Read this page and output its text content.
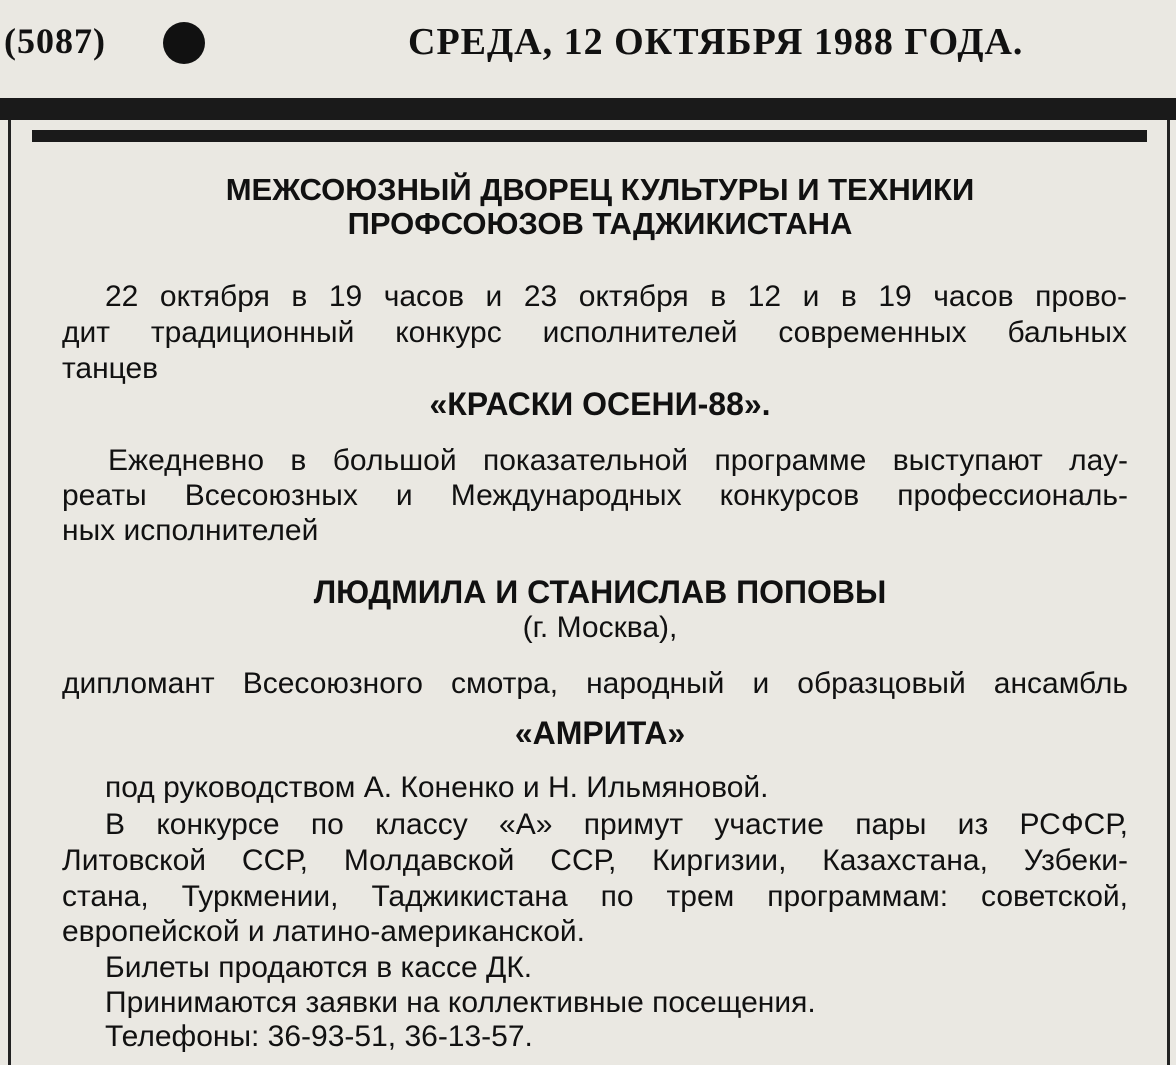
(5087)	СРЕДА, 12 ОКТЯБРЯ 1988 ГОДА.

МЕЖСОЮЗНЫЙ ДВОРЕЦ КУЛЬТУРЫ И ТЕХНИКИ

ПРОФСОЮЗОВ ТАДЖИКИСТАНА

22 октября в 19 часов и 23 октября в 12 и в 19 часов прово-

дит традиционный конкурс исполнителей современных бальных

танцев

«КРАСКИ ОСЕНИ-88».

Ежедневно в большой показательной программе выступают лау-

реаты Всесоюзных и Международных конкурсов профессиональ-

ных исполнителей

ЛЮДМИЛА И СТАНИСЛАВ ПОПОВЫ

(г. Москва),

дипломант Всесоюзного смотра, народный и образцовый ансамбль

«АМРИТА»

под руководством А. Коненко и Н. Ильмяновой.

В конкурсе по классу «А» примут участие пары из РСФСР,

Литовской ССР, Молдавской ССР, Киргизии, Казахстана, Узбеки-

стана, Туркмении, Таджикистана по трем программам: советской,

европейской и латино-американской.

Билеты продаются в кассе ДК.

Принимаются заявки на коллективные посещения.

Телефоны: 36-93-51, 36-13-57.
